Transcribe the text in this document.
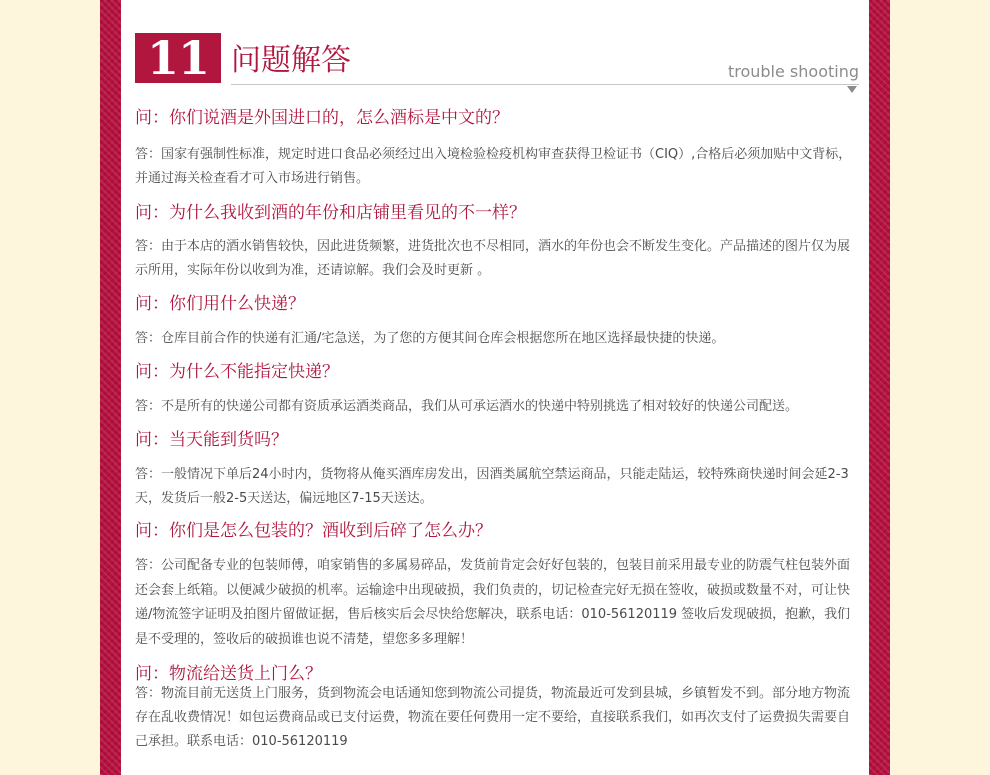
11 问题解答	trouble shooting

问：你们说酒是外国进口的，怎么酒标是中文的？

答：国家有强制性标准，规定时进口食品必须经过出入境检验检疫机构审查获得卫检证书（CIQ）,合格后必须加贴中文背标，并通过海关检查看才可入市场进行销售。

问：为什么我收到酒的年份和店铺里看见的不一样？

答：由于本店的酒水销售较快，因此进货频繁，进货批次也不尽相同，酒水的年份也会不断发生变化。产品描述的图片仅为展示所用，实际年份以收到为准，还请谅解。我们会及时更新 。

问：你们用什么快递？

答：仓库目前合作的快递有汇通/宅急送，为了您的方便其间仓库会根据您所在地区选择最快捷的快递。

问：为什么不能指定快递？

答：不是所有的快递公司都有资质承运酒类商品，我们从可承运酒水的快递中特别挑选了相对较好的快递公司配送。

问：当天能到货吗？

答：一般情况下单后24小时内，货物将从俺买酒库房发出，因酒类属航空禁运商品，只能走陆运，较特殊商快递时间会延2-3天，发货后一般2-5天送达，偏远地区7-15天送达。

问：你们是怎么包装的？酒收到后碎了怎么办？

答：公司配备专业的包装师傅，咱家销售的多属易碎品，发货前肯定会好好包装的，包装目前采用最专业的防震气柱包装外面还会套上纸箱。以便减少破损的机率。运输途中出现破损，我们负责的，切记检查完好无损在签收，破损或数量不对，可让快递/物流签字证明及拍图片留做证据，售后核实后会尽快给您解决，联系电话：010-56120119 签收后发现破损，抱歉，我们是不受理的，签收后的破损谁也说不清楚，望您多多理解！

问：物流给送货上门么？

答：物流目前无送货上门服务，货到物流会电话通知您到物流公司提货，物流最近可发到县城，乡镇暂发不到。部分地方物流存在乱收费情况！如包运费商品或已支付运费，物流在要任何费用一定不要给，直接联系我们，如再次支付了运费损失需要自己承担。联系电话：010-56120119
